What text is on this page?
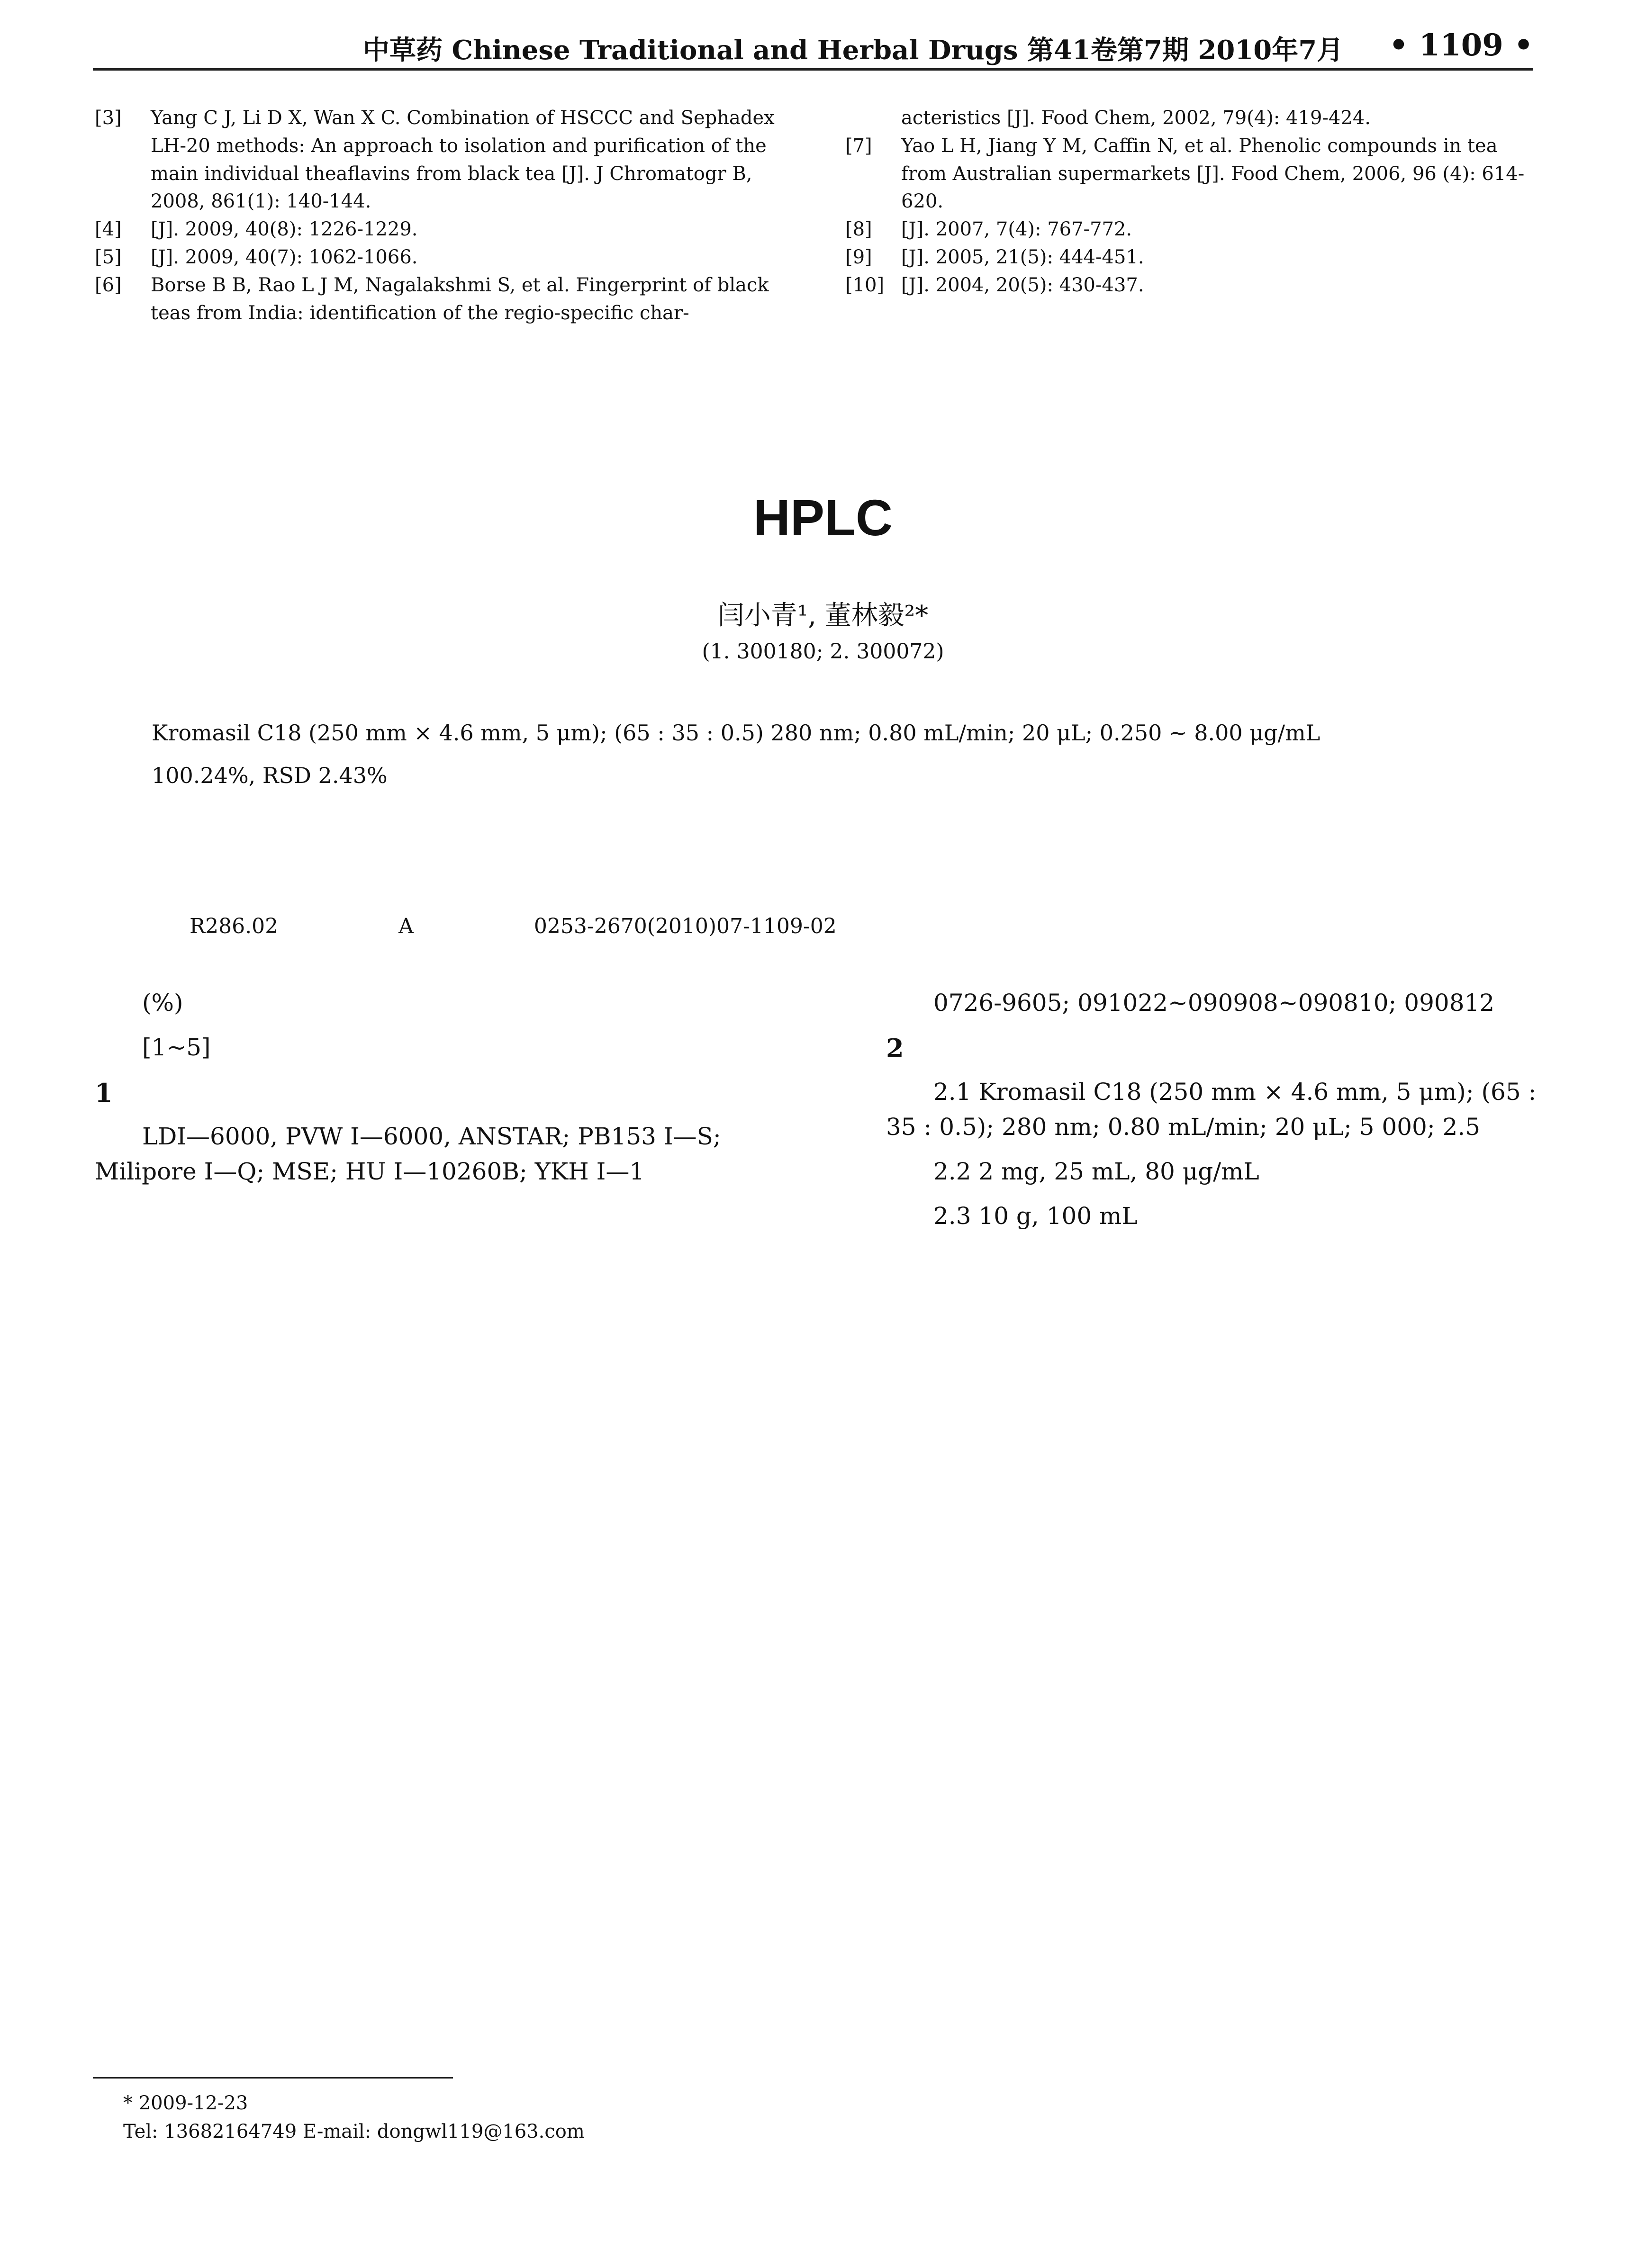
中草药 Chinese Traditional and Herbal Drugs 第41卷第7期 2010年7月 • 1109 •
[3]	Yang C J, Li D X, Wan X C. Combination of HSCCC and Sephadex LH-20 methods: An approach to isolation and purification of the main individual theaflavins from black tea [J]. J Chromatogr B, 2008, 861(1): 140-144.
[4]	[J]. 2009, 40(8): 1226-1229.
[5]	[J]. 2009, 40(7): 1062-1066.
[6]	Borse B B, Rao L J M, Nagalakshmi S, et al. Fingerprint of black teas from India: identification of the regio-specific char-
acteristics [J]. Food Chem, 2002, 79(4): 419-424.
[7]	Yao L H, Jiang Y M, Caffin N, et al. Phenolic compounds in tea from Australian supermarkets [J]. Food Chem, 2006, 96 (4): 614-620.
[8]	[J]. 2007, 7(4): 767-772.
[9]	[J]. 2005, 21(5): 444-451.
[10] [J]. 2004, 20(5): 430-437.
HPLC
闫小青¹, 董林毅²*
(1. 300180; 2. 300072)

Kromasil C18 (250 mm × 4.6 mm, 5 μm); (65 : 35 : 0.5) 280 nm; 0.80 mL/min; 20 μL; 0.250 ~ 8.00 μg/mL

100.24%, RSD 2.43%

R286.02	A	0253-2670(2010)07-1109-02

(%)

[1~5]

1

LDI—6000, PVW I—6000, ANSTAR; PB153 I—S; Milipore I—Q; MSE; HU I—10260B; YKH I—1

0726-9605; 091022~090908~090810; 090812

2

2.1 Kromasil C18 (250 mm × 4.6 mm, 5 μm); (65 : 35 : 0.5); 280 nm; 0.80 mL/min; 20 μL; 5 000; 2.5

2.2 2 mg, 25 mL, 80 μg/mL

2.3 10 g, 100 mL

* 2009-12-23
Tel: 13682164749 E-mail: dongwl119@163.com
